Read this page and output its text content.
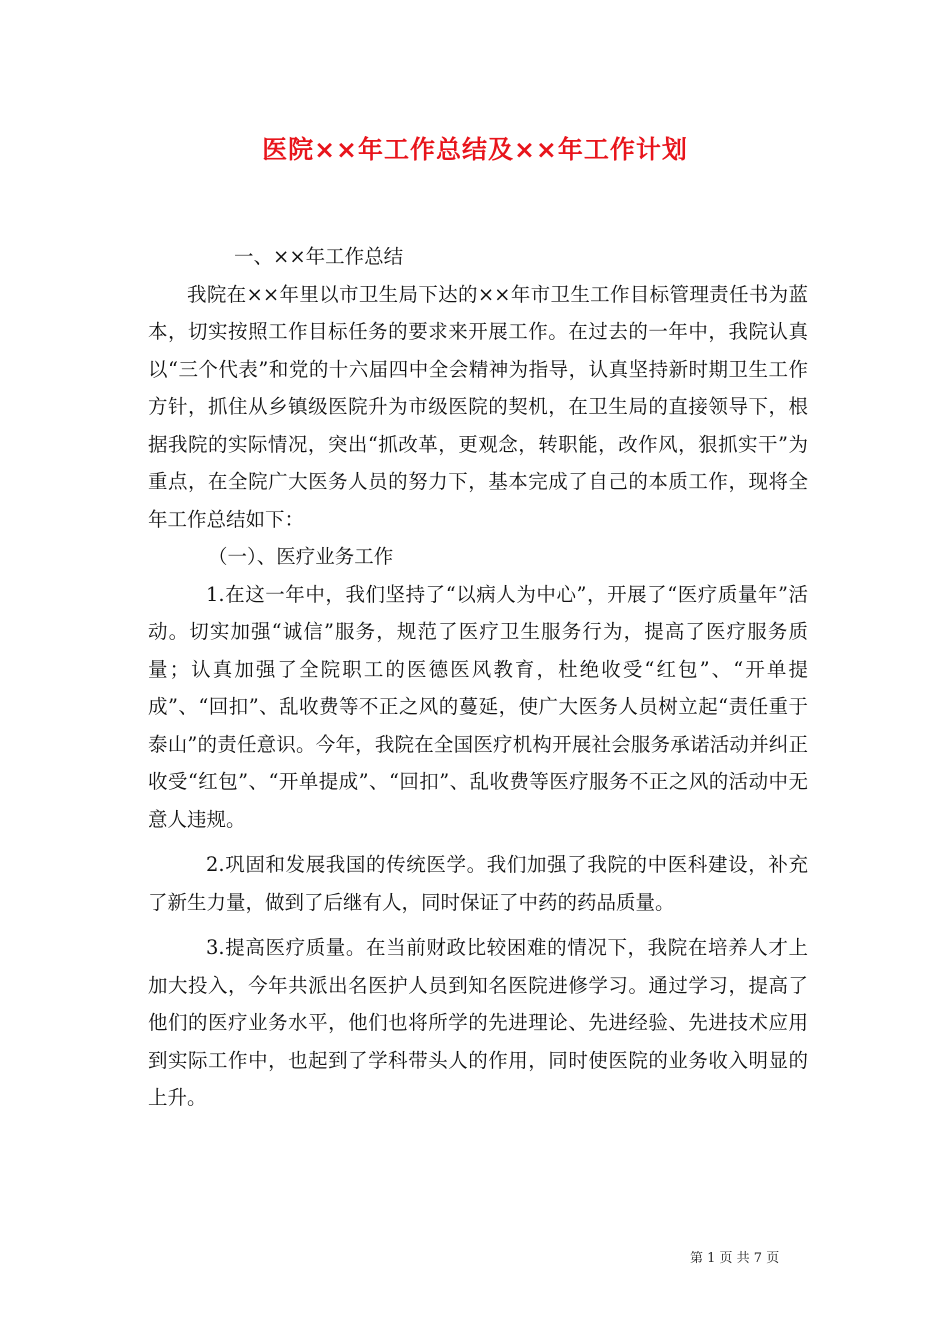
医院××年工作总结及××年工作计划

一、××年工作总结

我院在××年里以市卫生局下达的××年市卫生工作目标管理责任书为蓝本，切实按照工作目标任务的要求来开展工作。在过去的一年中，我院认真以“三个代表”和党的十六届四中全会精神为指导，认真坚持新时期卫生工作方针，抓住从乡镇级医院升为市级医院的契机，在卫生局的直接领导下，根据我院的实际情况，突出“抓改革，更观念，转职能，改作风，狠抓实干”为重点，在全院广大医务人员的努力下，基本完成了自己的本质工作，现将全年工作总结如下：

（一）、医疗业务工作

1.在这一年中，我们坚持了“以病人为中心”，开展了“医疗质量年”活动。切实加强“诚信”服务，规范了医疗卫生服务行为，提高了医疗服务质量；认真加强了全院职工的医德医风教育，杜绝收受“红包”、“开单提成”、“回扣”、乱收费等不正之风的蔓延，使广大医务人员树立起“责任重于泰山”的责任意识。今年，我院在全国医疗机构开展社会服务承诺活动并纠正收受“红包”、“开单提成”、“回扣”、乱收费等医疗服务不正之风的活动中无意人违规。

2.巩固和发展我国的传统医学。我们加强了我院的中医科建设，补充了新生力量，做到了后继有人，同时保证了中药的药品质量。

3.提高医疗质量。在当前财政比较困难的情况下，我院在培养人才上加大投入，今年共派出名医护人员到知名医院进修学习。通过学习，提高了他们的医疗业务水平，他们也将所学的先进理论、先进经验、先进技术应用到实际工作中，也起到了学科带头人的作用，同时使医院的业务收入明显的上升。

第 1 页 共 7 页
